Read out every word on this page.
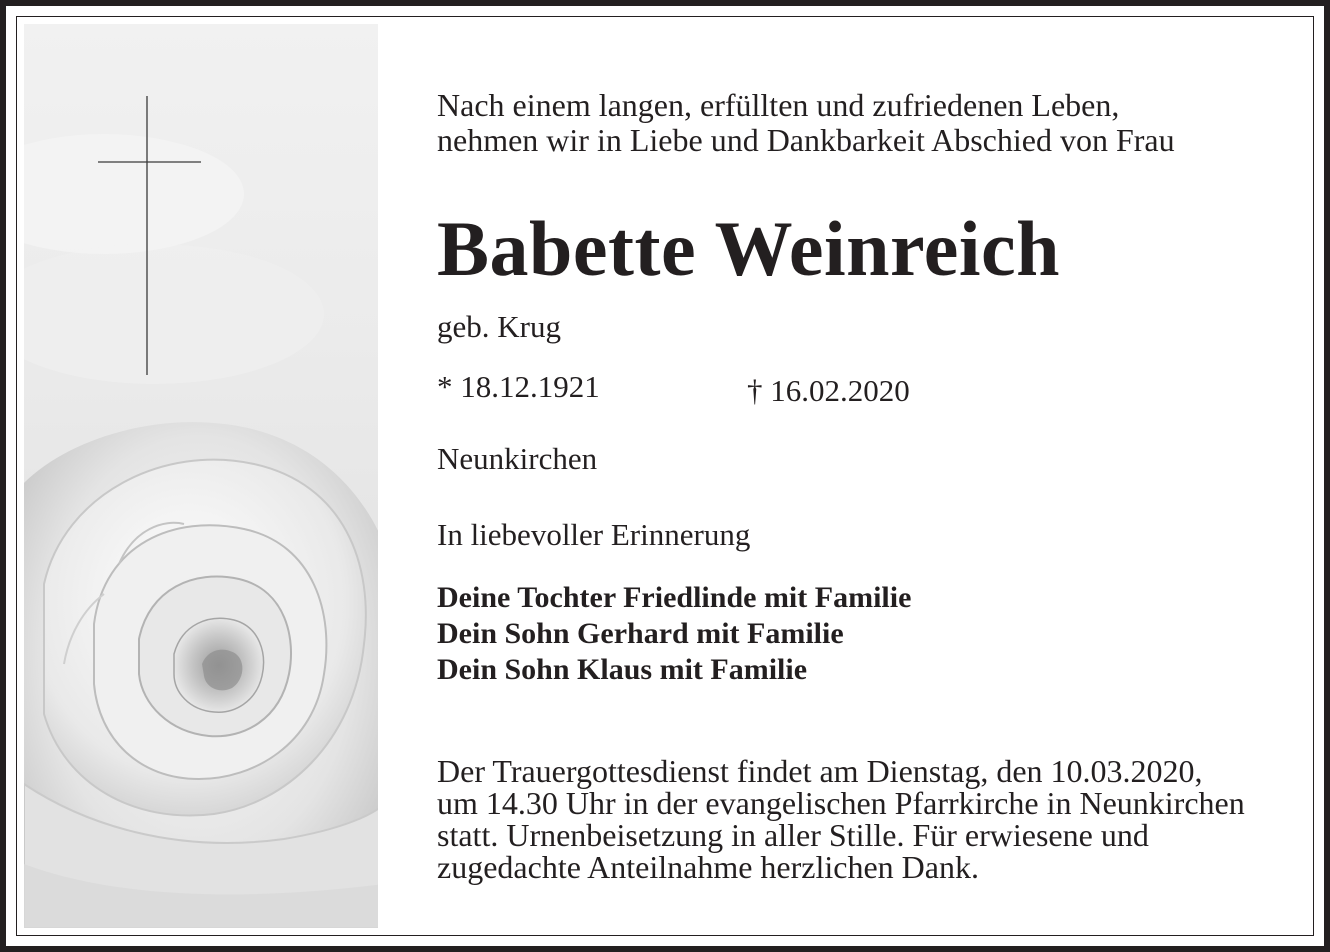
Nach einem langen, erfüllten und zufriedenen Leben,
nehmen wir in Liebe und Dankbarkeit Abschied von Frau
Babette Weinreich
geb. Krug
* 18.12.1921	† 16.02.2020
Neunkirchen
In liebevoller Erinnerung
Deine Tochter Friedlinde mit Familie
Dein Sohn Gerhard mit Familie
Dein Sohn Klaus mit Familie
Der Trauergottesdienst findet am Dienstag, den 10.03.2020,
um 14.30 Uhr in der evangelischen Pfarrkirche in Neunkirchen
statt. Urnenbeisetzung in aller Stille. Für erwiesene und
zugedachte Anteilnahme herzlichen Dank.
